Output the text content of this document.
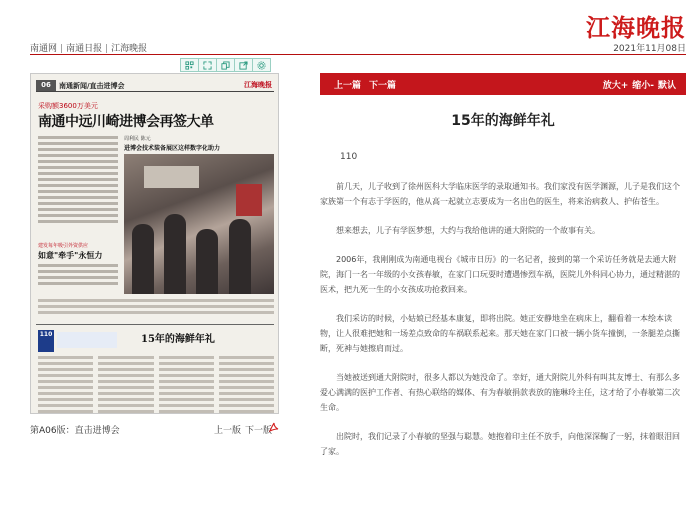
江海晚报
南通网 | 南通日报 | 江海晚报	2021年11月08日
06	南通新闻/直击进博会	江海晚报
采购额3600万美元
南通中远川崎进博会再签大单
周利民 陈元
进博会技术装备展区这样数字化助力
建发每年吸引外资供应
如意"牵手"永恒力
110	15年的海鲜年礼
第A06版：直击进博会	上一版 下一版
上一篇 下一篇	放大+ 缩小- 默认
15年的海鲜年礼

110

前几天，儿子收到了徐州医科大学临床医学的录取通知书。我们家没有医学渊源，儿子是我们这个家族第一个有志于学医的，他从高一起就立志要成为一名出色的医生，将来治病救人、护佑苍生。

想来想去，儿子有学医梦想，大约与我给他讲的通大附院的一个故事有关。

2006年，我刚刚成为南通电视台《城市日历》的一名记者，接到的第一个采访任务就是去通大附院，海门一名一年级的小女孩春敏，在家门口玩耍时遭遇惨烈车祸，医院儿外科同心协力，通过精湛的医术，把九死一生的小女孩成功抢救回来。

我们采访的时候，小姑娘已经基本康复，即将出院。她正安静地坐在病床上，翻看着一本绘本读物，让人很难把她和一场差点致命的车祸联系起来。那天她在家门口被一辆小货车撞倒，一条腿差点撕断，死神与她擦肩而过。

当她被送到通大附院时，很多人都以为她没命了。幸好，通大附院儿外科有叫其友博士、有那么多爱心满满的医护工作者、有热心联络的媒体、有为春敏捐款表放的施琳玲主任，这才给了小春敏第二次生命。

出院时，我们记录了小春敏的坚强与聪慧。她抱着印主任不放手，向他深深鞠了一躬，抹着眼泪回了家。
